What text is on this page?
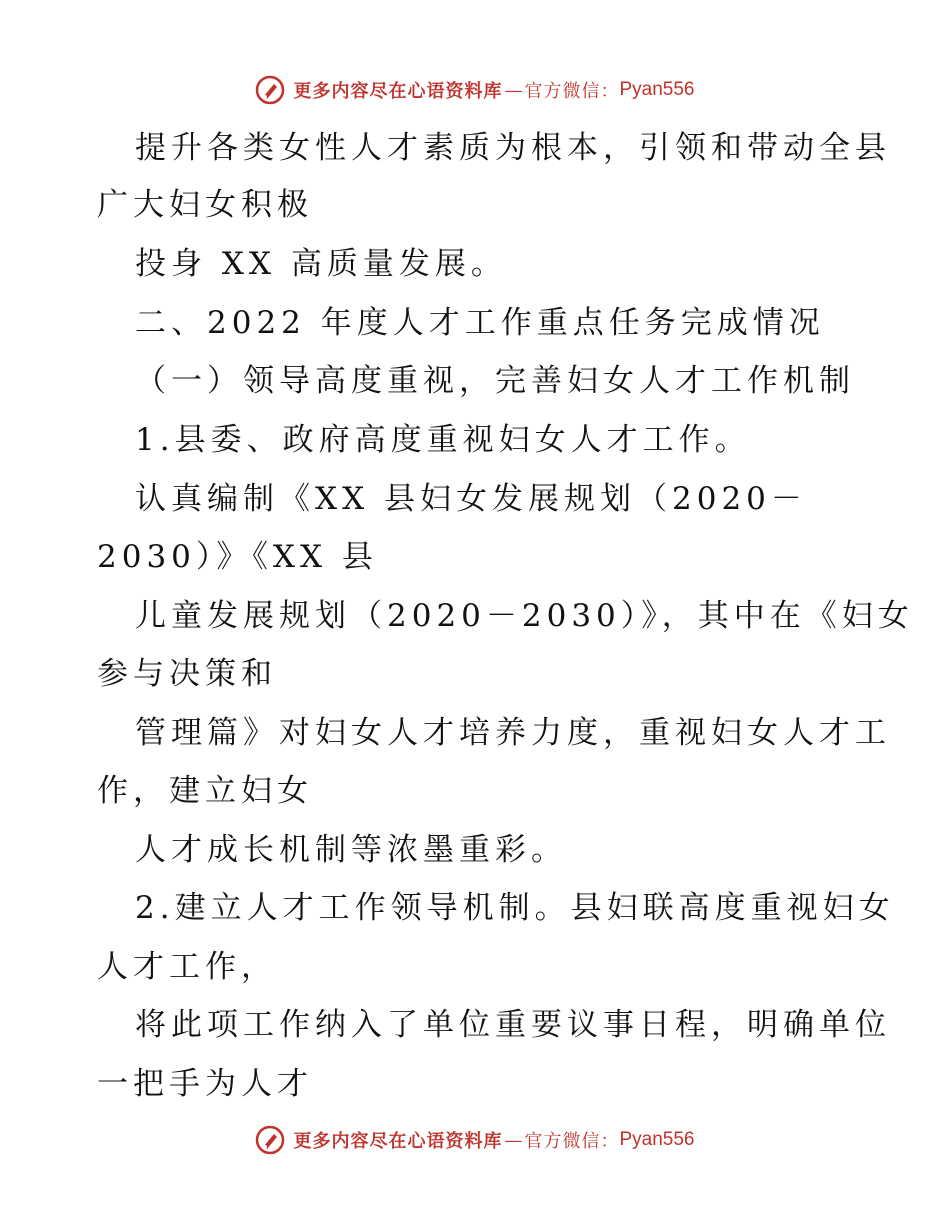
更多内容尽在心语资料库 — 官方微信： Pyan556
提升各类女性人才素质为根本，引领和带动全县
广大妇女积极
投身 XX 高质量发展。
二、2022 年度人才工作重点任务完成情况
（一）领导高度重视，完善妇女人才工作机制
1.县委、政府高度重视妇女人才工作。
认真编制《XX 县妇女发展规划（2020－
2030）》《XX 县
儿童发展规划（2020－2030）》，其中在《妇女
参与决策和
管理篇》对妇女人才培养力度，重视妇女人才工
作，建立妇女
人才成长机制等浓墨重彩。
2.建立人才工作领导机制。县妇联高度重视妇女
人才工作，
将此项工作纳入了单位重要议事日程，明确单位
一把手为人才
更多内容尽在心语资料库 — 官方微信： Pyan556
